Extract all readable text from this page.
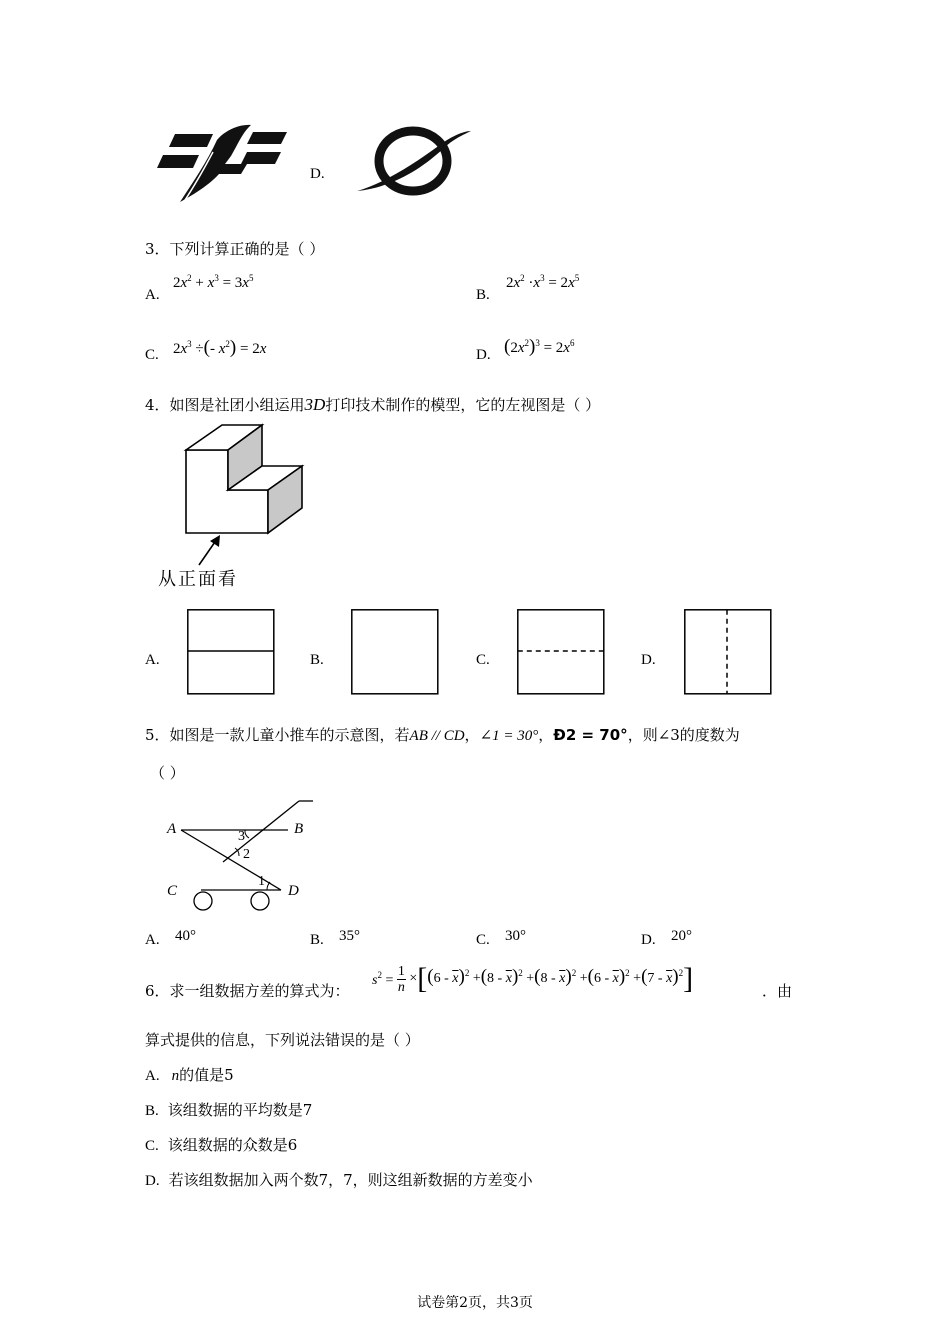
D.
3．下列计算正确的是（ ）
A.
$2x^2 + x^3 = 3x^5$
B.
$2x^2 \cdot x^3 = 2x^5$
C. $2x^3$ ÷(- $x^2) = 2x$	D. $(2x^2)^3 = 2x^6$
4．如图是社团小组运用3D打印技术制作的模型，它的左视图是（ ）
从正面看
A.	B.	C.	D.
5．如图是一款儿童小推车的示意图，若AB // CD，∠1 = 30°，Đ2 = 70°，则∠3的度数为
（ ）
A	B
C	D
3
2
1
A. 40°	B. 35°	C. 30°	D. 20°
6．求一组数据方差的算式为：
$s^2 = \frac{1}{n} \times[(6 - \overline{x})^2 +(8 - \overline{x})^2 +(8 - \overline{x})^2 +(6 - \overline{x})^2 +(7 - \overline{x})^2]$	．由
算式提供的信息，下列说法错误的是（ ）
A. n的值是5
B. 该组数据的平均数是7
C. 该组数据的众数是6
D. 若该组数据加入两个数7，7，则这组新数据的方差变小
试卷第2页，共3页
